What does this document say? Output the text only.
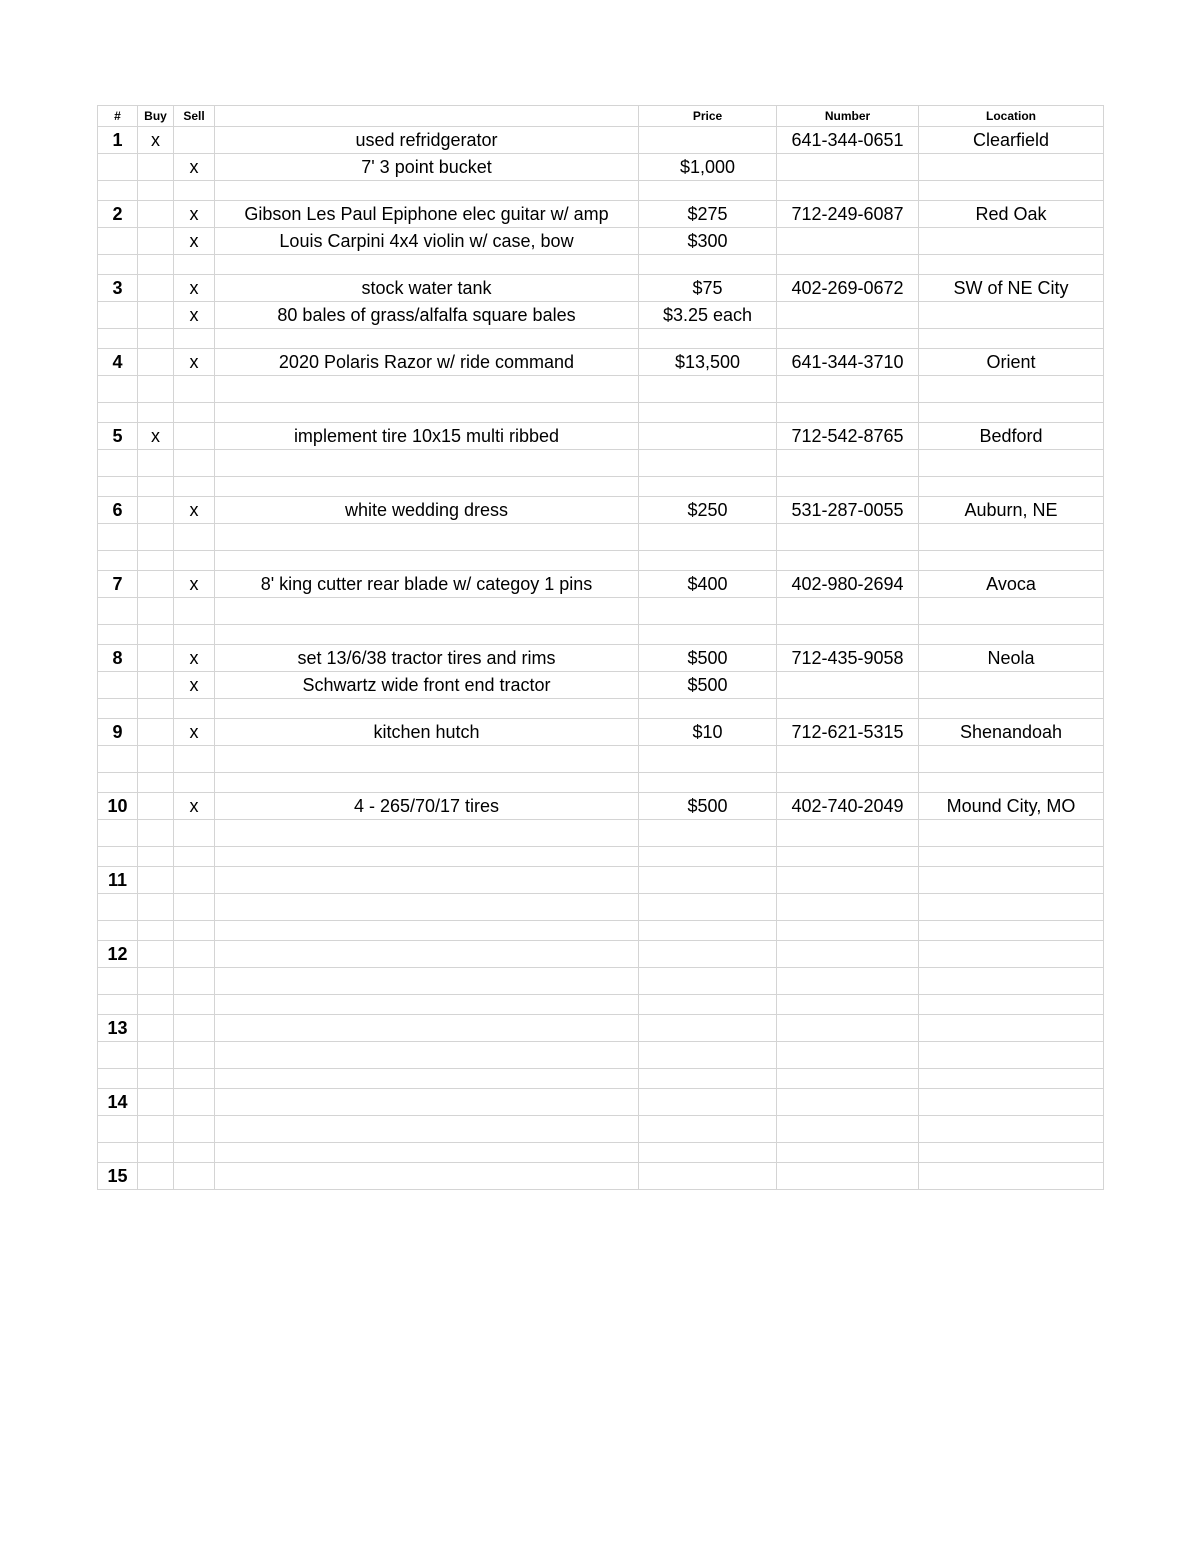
#	Buy	Sell		Price	Number	Location
1	x		used refridgerator		641-344-0651	Clearfield
		x	7' 3 point bucket	$1,000		

2		x	Gibson Les Paul Epiphone elec guitar w/ amp	$275	712-249-6087	Red Oak
		x	Louis Carpini 4x4 violin w/ case, bow	$300		

3		x	stock water tank	$75	402-269-0672	SW of NE City
		x	80 bales of grass/alfalfa square bales	$3.25 each		

4		x	2020 Polaris Razor w/ ride command	$13,500	641-344-3710	Orient

5	x		implement tire 10x15 multi ribbed		712-542-8765	Bedford

6		x	white wedding dress	$250	531-287-0055	Auburn, NE

7		x	8' king cutter rear blade w/ categoy 1 pins	$400	402-980-2694	Avoca

8		x	set 13/6/38 tractor tires and rims	$500	712-435-9058	Neola
		x	Schwartz wide front end tractor	$500		

9		x	kitchen hutch	$10	712-621-5315	Shenandoah

10		x	4 - 265/70/17 tires	$500	402-740-2049	Mound City, MO

11						

12						

13						

14						

15						
